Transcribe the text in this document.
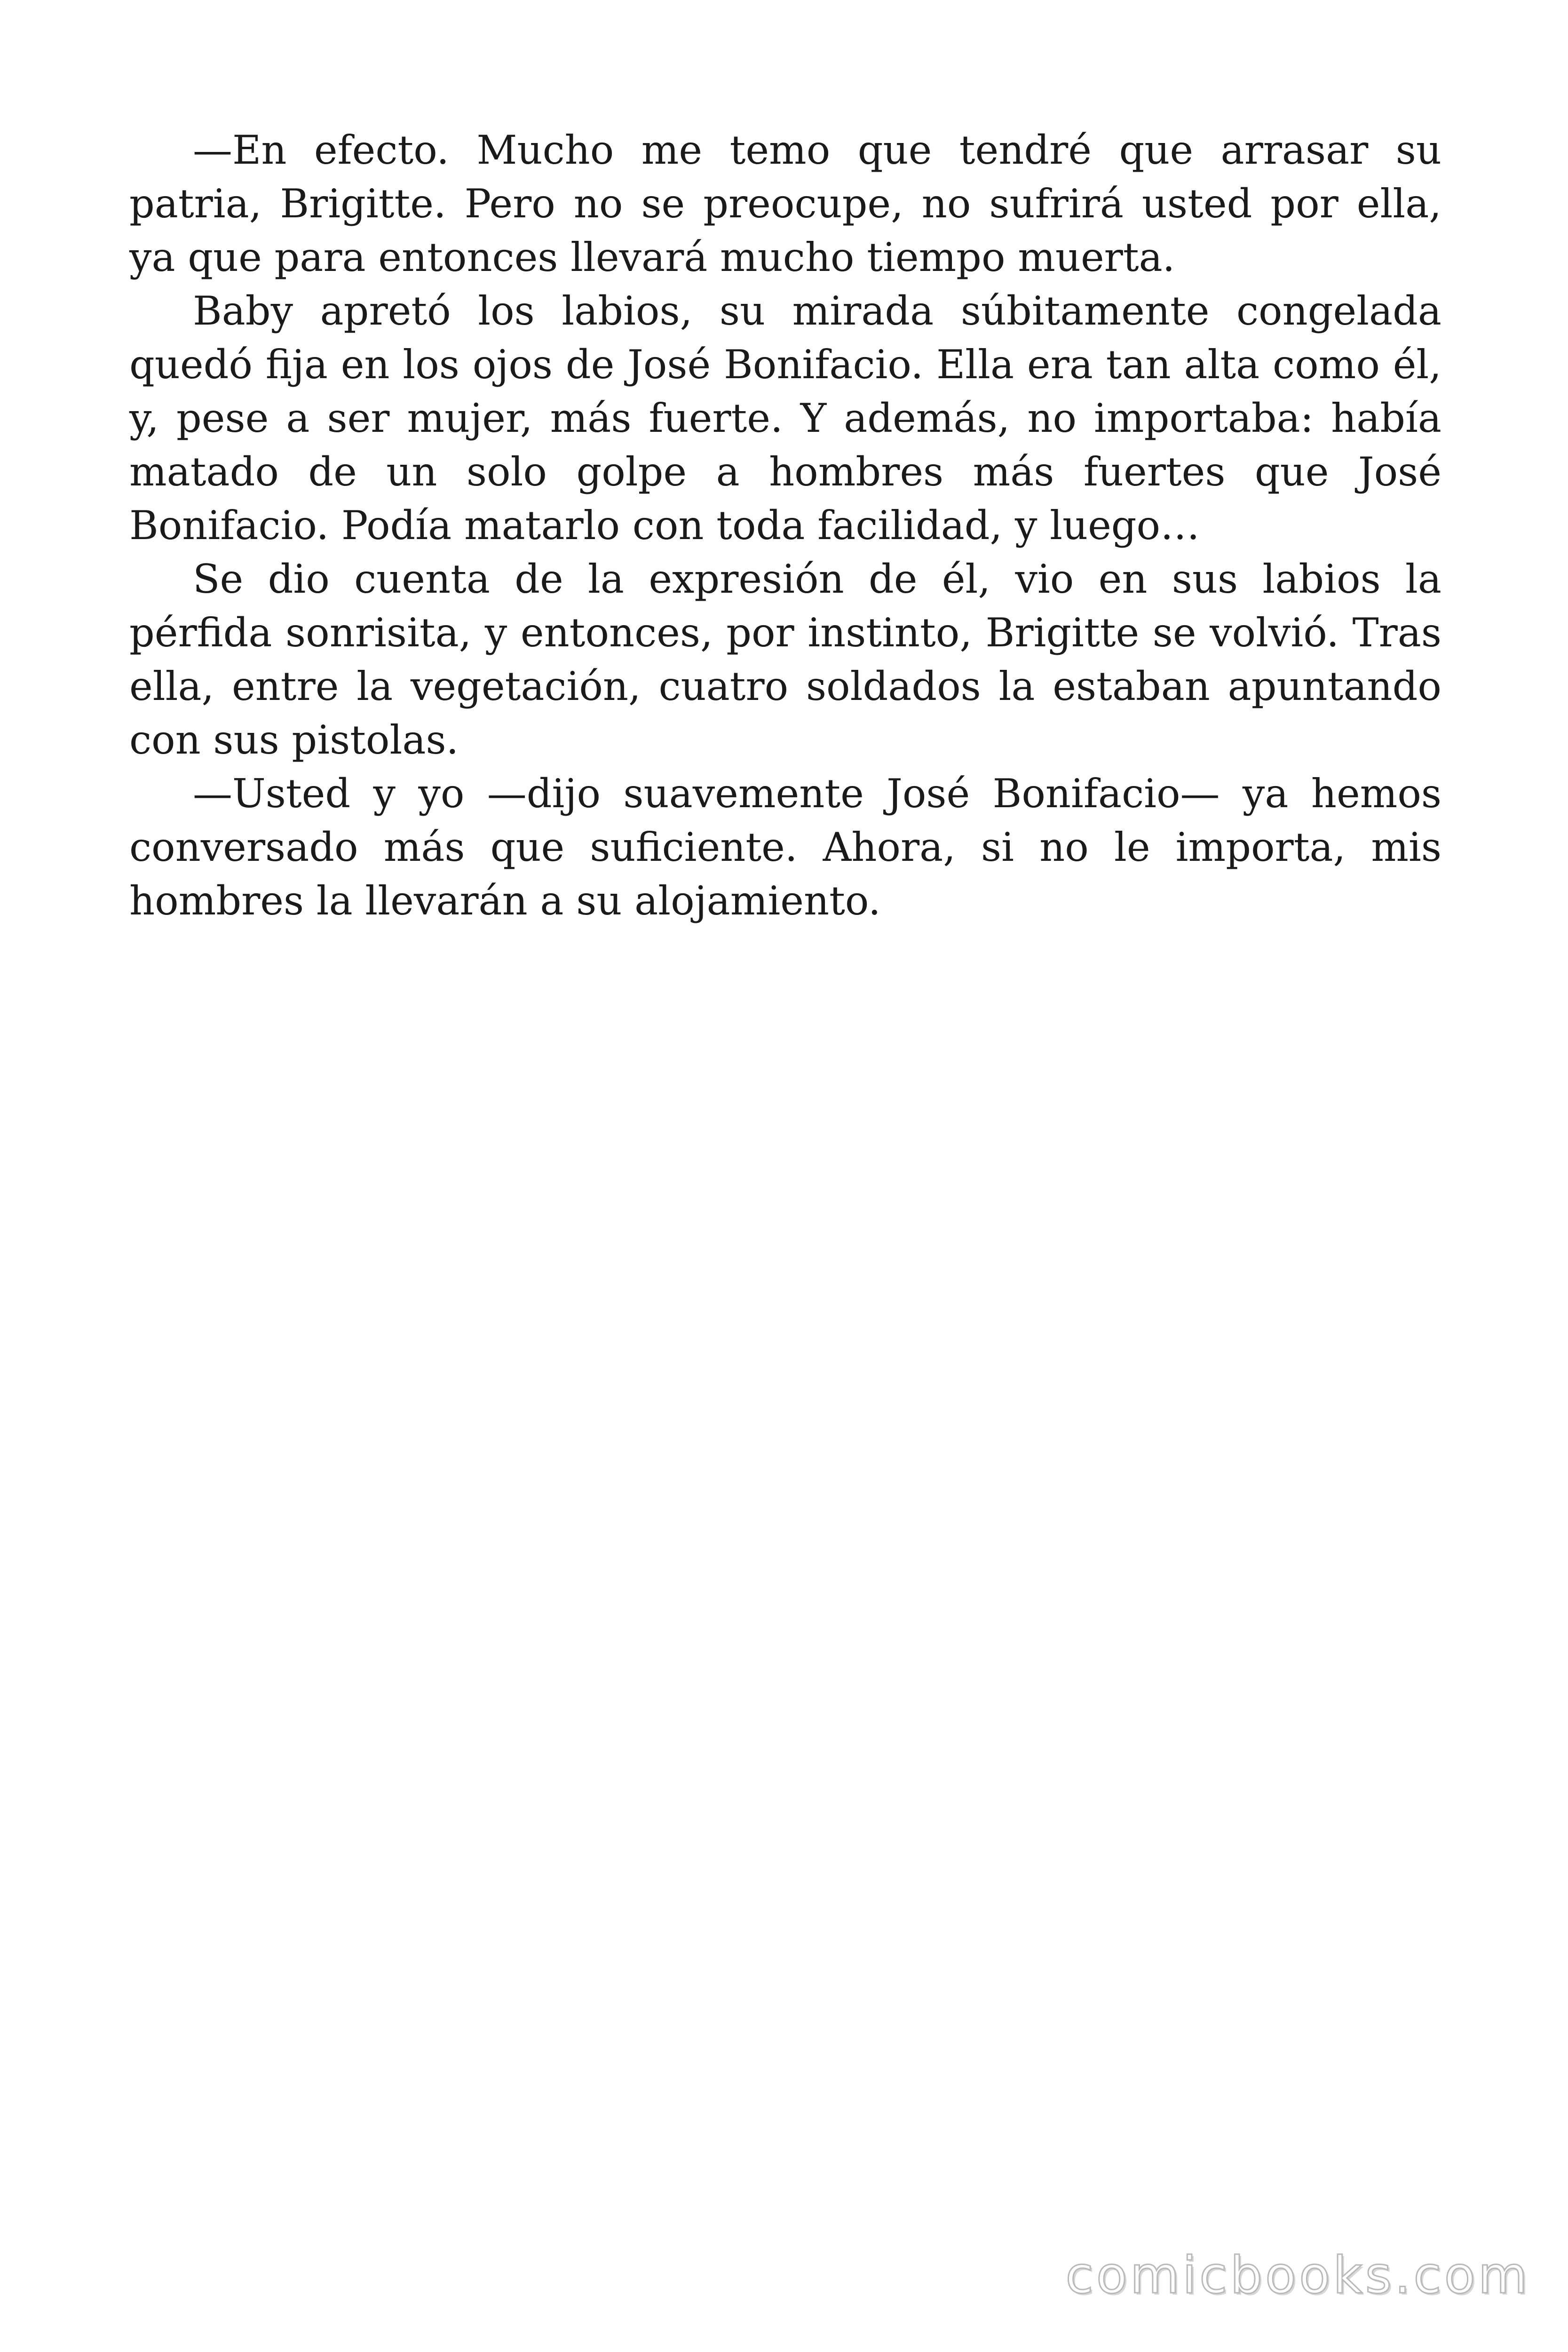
—En efecto. Mucho me temo que tendré que arrasar su patria, Brigitte. Pero no se preocupe, no sufrirá usted por ella, ya que para entonces llevará mucho tiempo muerta.

Baby apretó los labios, su mirada súbitamente congelada quedó fija en los ojos de José Bonifacio. Ella era tan alta como él, y, pese a ser mujer, más fuerte. Y además, no importaba: había matado de un solo golpe a hombres más fuertes que José Bonifacio. Podía matarlo con toda facilidad, y luego…

Se dio cuenta de la expresión de él, vio en sus labios la pérfida sonrisita, y entonces, por instinto, Brigitte se volvió. Tras ella, entre la vegetación, cuatro soldados la estaban apuntando con sus pistolas.

—Usted y yo —dijo suavemente José Bonifacio— ya hemos conversado más que suficiente. Ahora, si no le importa, mis hombres la llevarán a su alojamiento.

comicbooks.com
